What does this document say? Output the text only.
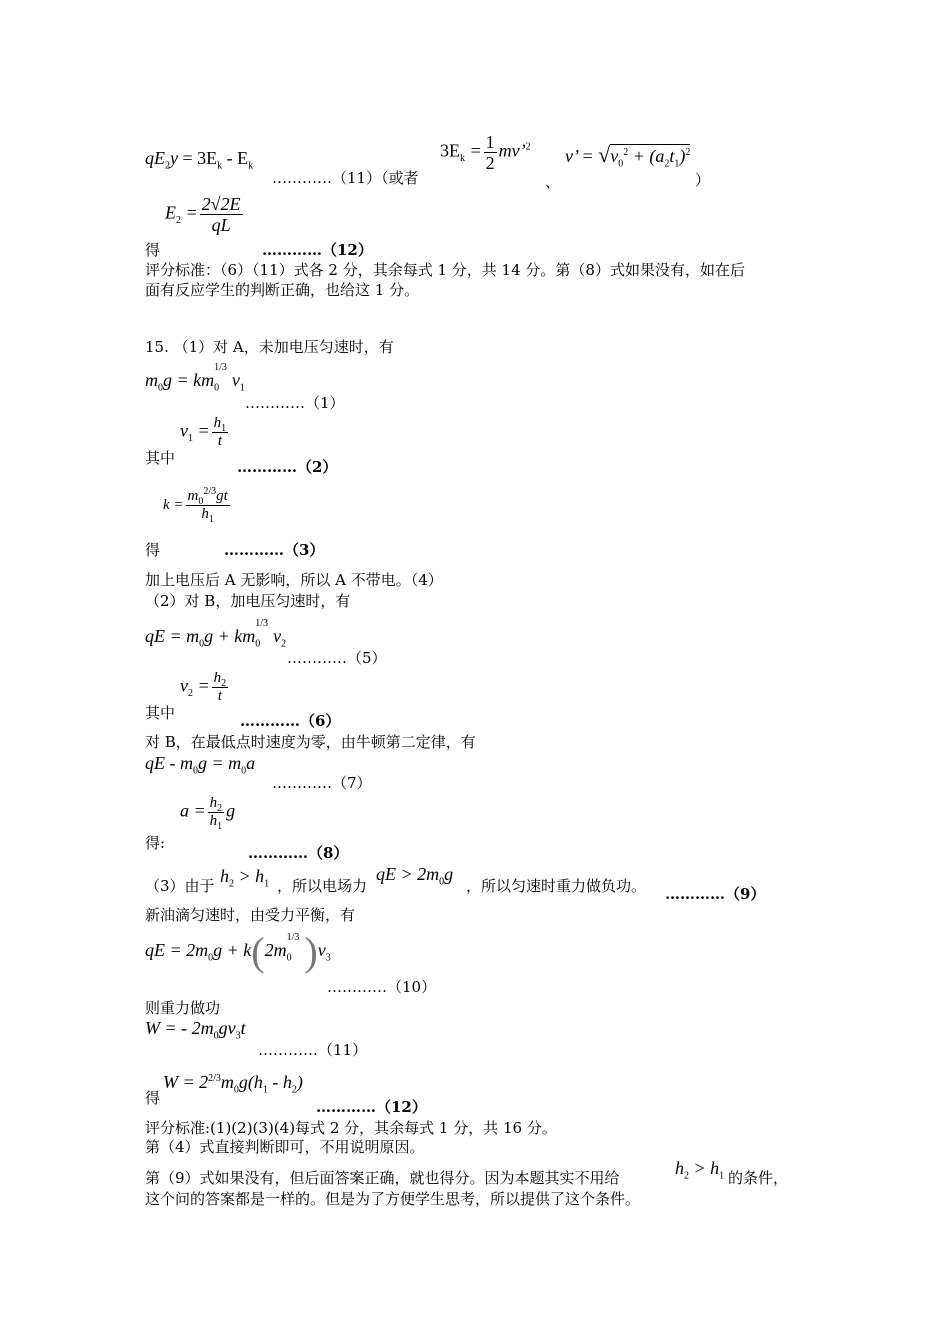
$qE_2y = 3E_k - E_k$
…………（11）（或者
$3E_k = \frac{1}{2}$ mv’$^2$
、
v’ = $√v_0^2 + (a_2t_1)^2$
）
$E_2 = \frac{2√2E}{qL}$
得	…………（12）
评分标准：（6）（11）式各 2 分，其余每式 1 分，共 14 分。第（8）式如果没有，如在后
面有反应学生的判断正确，也给这 1 分。
15. （1）对 A，未加电压匀速时，有
$m_0g = km_0^{1/3}v_1$
…………（1）
$v_1 = \frac{h_1}{t}$
其中	…………（2）
$k = \frac{m_0^{2/3}gt}{h_1}$
得	…………（3）
加上电压后 A 无影响，所以 A 不带电。（4）
（2）对 B，加电压匀速时，有
qE = $m_0g + km_0^{1/3}v_2$
…………（5）
$v_2 = \frac{h_2}{t}$
其中	…………（6）
对 B，在最低点时速度为零，由牛顿第二定律，有
qE - $m_0g = m_0a$
…………（7）
$a = \frac{h_2}{h_1}$ g
得:
…………（8）
（3）由于 $h_2 > h_1$ ，所以电场力
qE > $2m_0g$
，所以匀速时重力做负功。 …………（9）
新油滴匀速时，由受力平衡，有
qE = $2m_0g + k(2m_0^{1/3}$ )$v_3$
…………（10）
则重力做功
W = - $2m_0gv_3t$
…………（11）
得
$W = 2^{2/3}m_0g(h_1 - h_2)$
…………（12）
评分标准:(1)(2)(3)(4)每式 2 分，其余每式 1 分，共 16 分。
第（4）式直接判断即可，不用说明原因。
第（9）式如果没有，但后面答案正确，就也得分。因为本题其实不用给	$h_2 > h_1$ 的条件，
这个问的答案都是一样的。但是为了方便学生思考，所以提供了这个条件。
